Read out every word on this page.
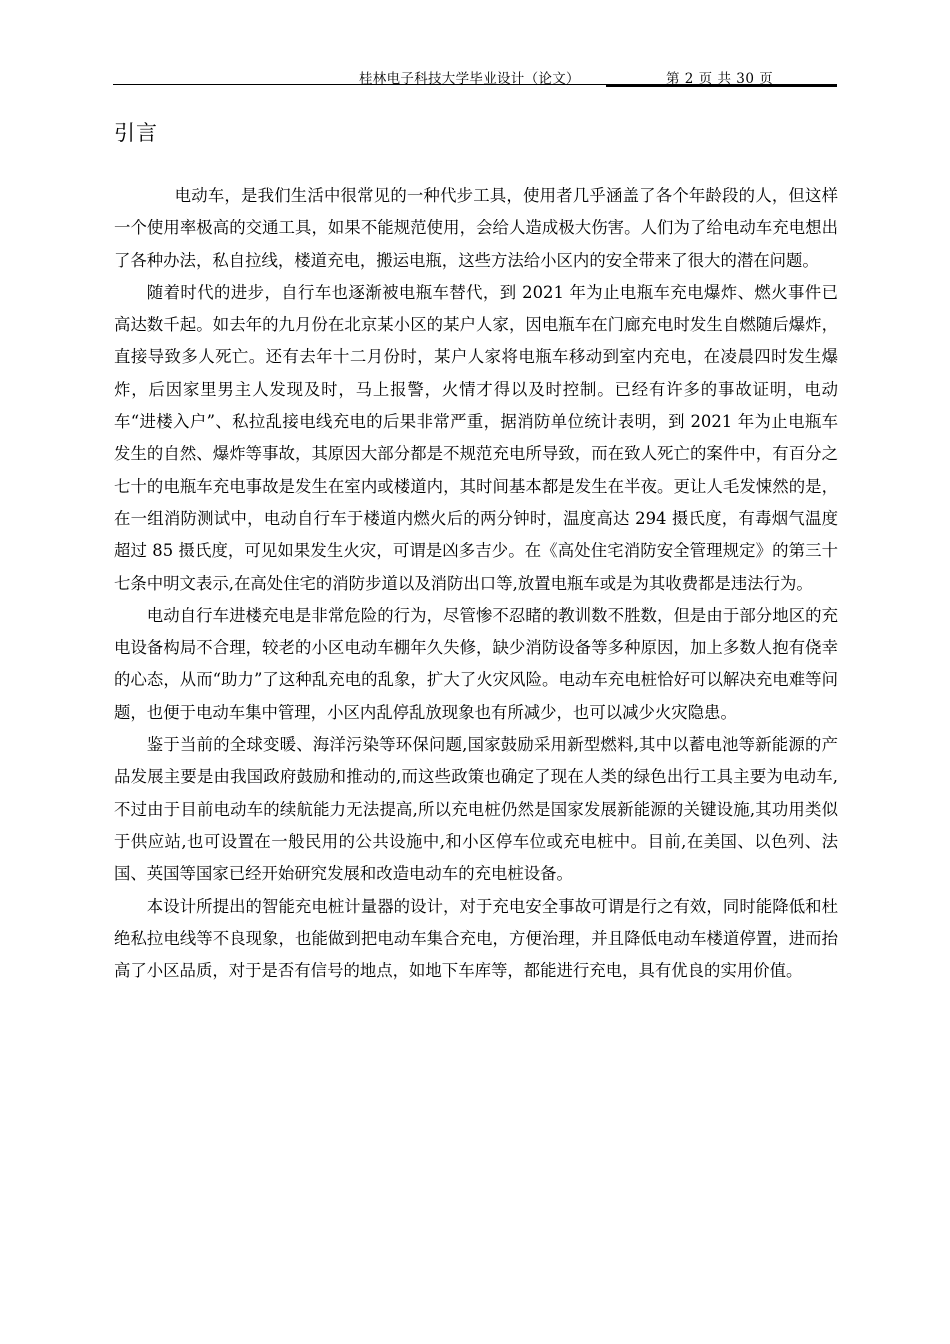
桂林电子科技大学毕业设计（论文）	第 2 页 共 30 页
引言

电动车，是我们生活中很常见的一种代步工具，使用者几乎涵盖了各个年龄段的人，但这样一个使用率极高的交通工具，如果不能规范使用，会给人造成极大伤害。人们为了给电动车充电想出了各种办法，私自拉线，楼道充电，搬运电瓶，这些方法给小区内的安全带来了很大的潜在问题。

随着时代的进步，自行车也逐渐被电瓶车替代，到 2021 年为止电瓶车充电爆炸、燃火事件已高达数千起。如去年的九月份在北京某小区的某户人家，因电瓶车在门廊充电时发生自燃随后爆炸，直接导致多人死亡。还有去年十二月份时，某户人家将电瓶车移动到室内充电，在凌晨四时发生爆炸，后因家里男主人发现及时，马上报警，火情才得以及时控制。已经有许多的事故证明，电动车“进楼入户”、私拉乱接电线充电的后果非常严重，据消防单位统计表明，到 2021 年为止电瓶车发生的自然、爆炸等事故，其原因大部分都是不规范充电所导致，而在致人死亡的案件中，有百分之七十的电瓶车充电事故是发生在室内或楼道内，其时间基本都是发生在半夜。更让人毛发悚然的是，在一组消防测试中，电动自行车于楼道内燃火后的两分钟时，温度高达 294 摄氏度，有毒烟气温度超过 85 摄氏度，可见如果发生火灾，可谓是凶多吉少。在《高处住宅消防安全管理规定》的第三十七条中明文表示,在高处住宅的消防步道以及消防出口等,放置电瓶车或是为其收费都是违法行为。

电动自行车进楼充电是非常危险的行为，尽管惨不忍睹的教训数不胜数，但是由于部分地区的充电设备构局不合理，较老的小区电动车棚年久失修，缺少消防设备等多种原因，加上多数人抱有侥幸的心态，从而“助力”了这种乱充电的乱象，扩大了火灾风险。电动车充电桩恰好可以解决充电难等问题，也便于电动车集中管理，小区内乱停乱放现象也有所减少，也可以减少火灾隐患。

鉴于当前的全球变暖、海洋污染等环保问题,国家鼓励采用新型燃料,其中以蓄电池等新能源的产品发展主要是由我国政府鼓励和推动的,而这些政策也确定了现在人类的绿色出行工具主要为电动车,不过由于目前电动车的续航能力无法提高,所以充电桩仍然是国家发展新能源的关键设施,其功用类似于供应站,也可设置在一般民用的公共设施中,和小区停车位或充电桩中。目前,在美国、以色列、法国、英国等国家已经开始研究发展和改造电动车的充电桩设备。

本设计所提出的智能充电桩计量器的设计，对于充电安全事故可谓是行之有效，同时能降低和杜绝私拉电线等不良现象，也能做到把电动车集合充电，方便治理，并且降低电动车楼道停置，进而抬高了小区品质，对于是否有信号的地点，如地下车库等，都能进行充电，具有优良的实用价值。
